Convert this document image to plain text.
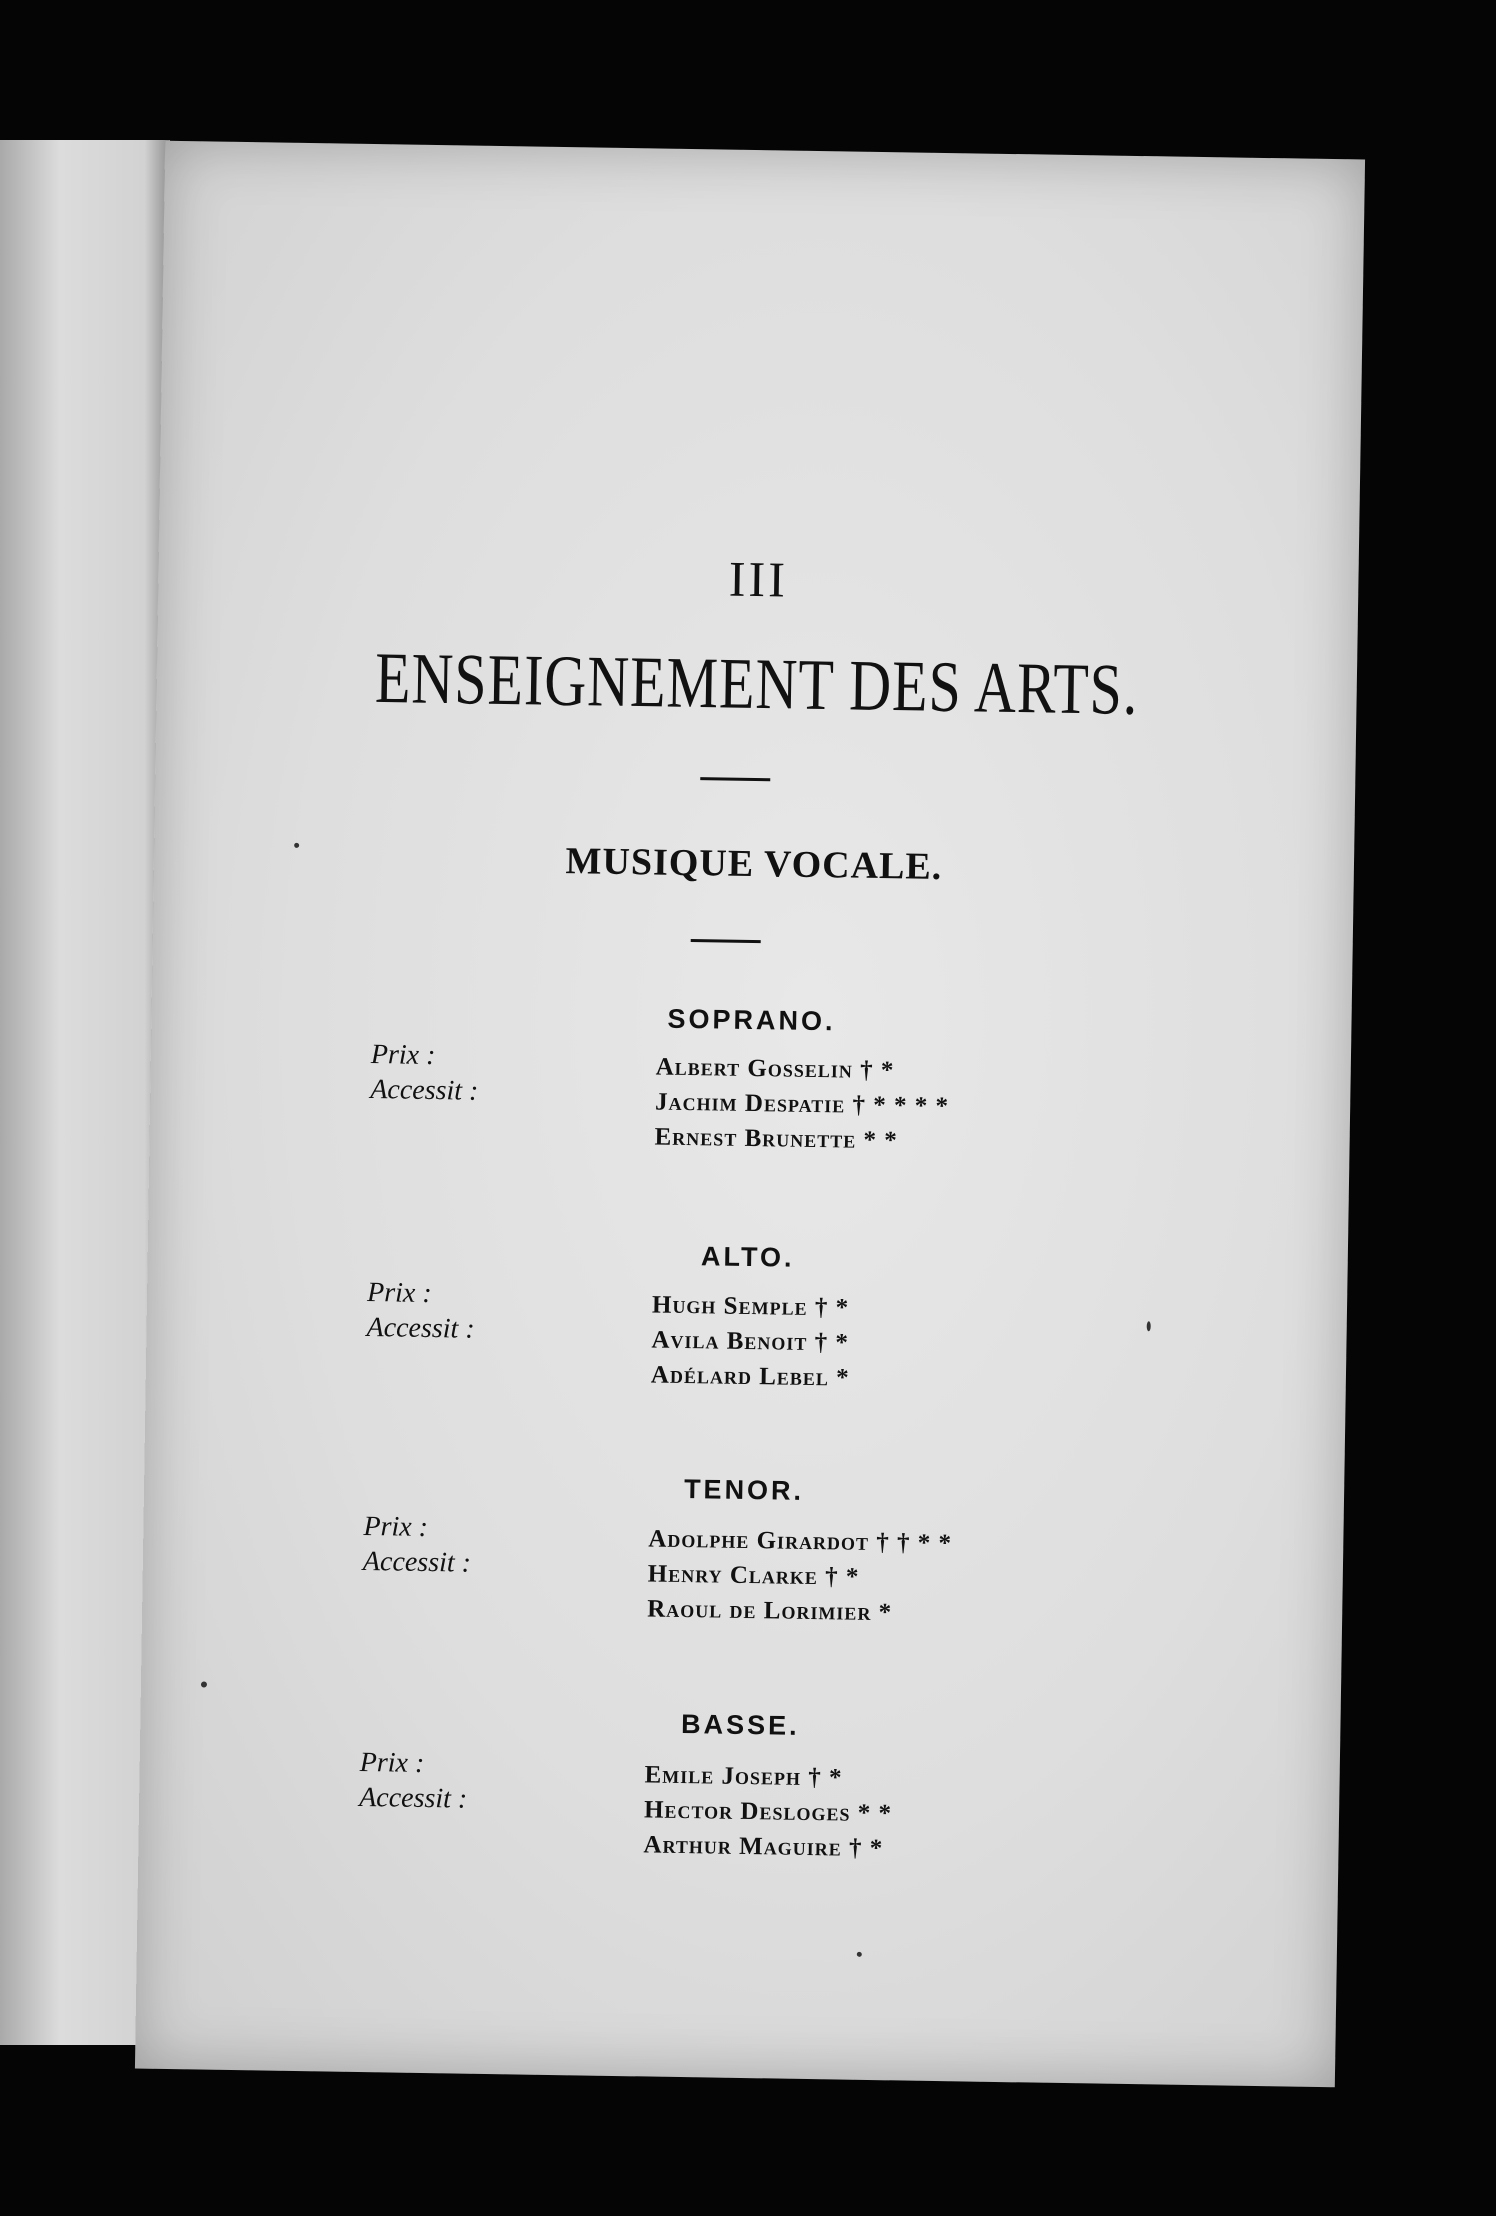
III
ENSEIGNEMENT DES ARTS.
MUSIQUE VOCALE.
SOPRANO.
Prix :
Accessit :
Albert Gosselin † *
Jachim Despatie † * * * *
Ernest Brunette * *
ALTO.
Prix :
Accessit :
Hugh Semple † *
Avila Benoit † *
Adélard Lebel *
TENOR.
Prix :
Accessit :
Adolphe Girardot † † * *
Henry Clarke † *
Raoul de Lorimier *
BASSE.
Prix :
Accessit :
Emile Joseph † *
Hector Desloges * *
Arthur Maguire † *
